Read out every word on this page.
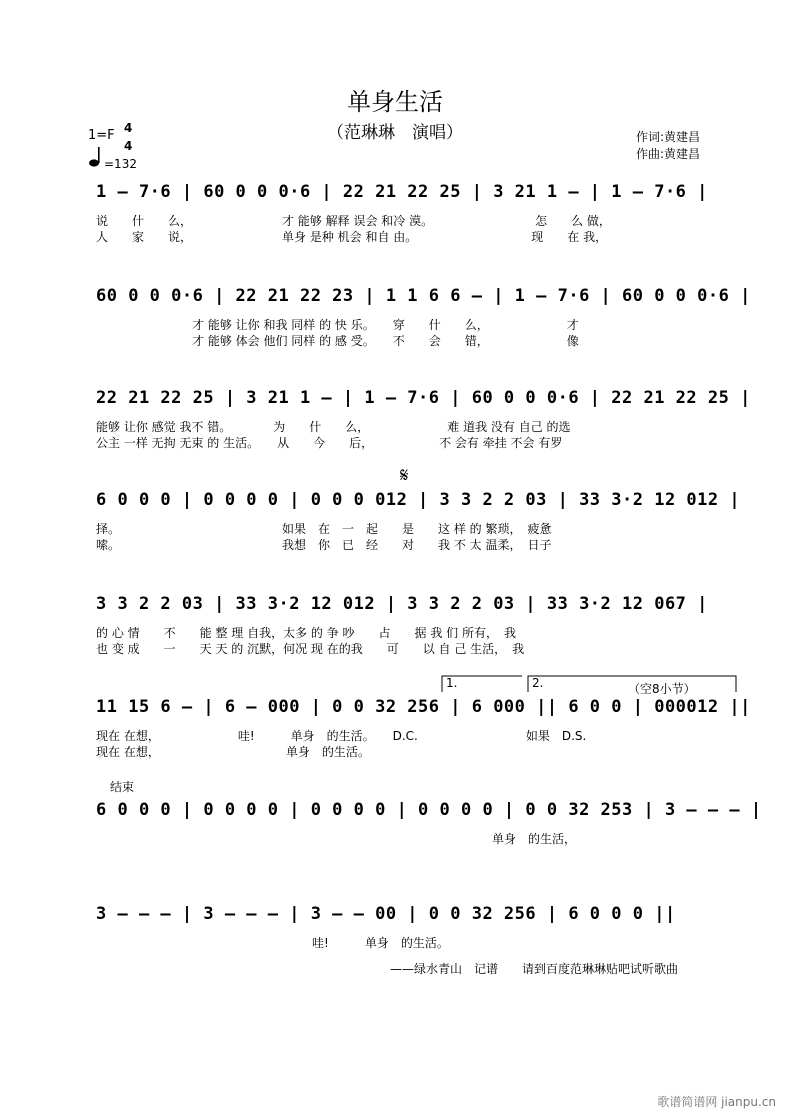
单身生活
（范琳琳　演唱）	作词:黄建昌
作曲:黄建昌
1=F 4
4
=132
1 — 7·6 | 60 0 0 0·6 | 22 21 22 25 | 3 21 1 — | 1 — 7·6 |
说　　什　　么，　　　　　　　　才 能够 解释 误会 和冷 漠。　　　　　　　　　怎　　么 做，
人　　家　　说，　　　　　　　　单身 是种 机会 和自 由。　　　　　　　　　　现　　在 我，
60 0 0 0·6 | 22 21 22 23 | 1 1 6 6 — | 1 — 7·6 | 60 0 0 0·6 |
　　　　　　　　才 能够 让你 和我 同样 的 快 乐。　　穿　　什　　么，　　　　　　　才
　　　　　　　　才 能够 体会 他们 同样 的 感 受。　　不　　会　　错，　　　　　　　像
22 21 22 25 | 3 21 1 — | 1 — 7·6 | 60 0 0 0·6 | 22 21 22 25 |
能够 让你 感觉 我不 错。　　　　为　　什　　么，　　　　　　　难 道我 没有 自己 的选
公主 一样 无拘 无束 的 生活。　　从　　今　　后，　　　　　　不 会有 牵挂 不会 有罗
𝄋
6 0 0 0 | 0 0 0 0 | 0 0 0 012 | 3 3 2 2 03 | 33 3·2 12 012 |
择。　　　　　　　　　　　　　　如果　在　一　起　　是　　这 样 的 繁琐，　疲惫
嗦。　　　　　　　　　　　　　　我想　你　已　经　　对　　我 不 太 温柔，　日子
3 3 2 2 03 | 33 3·2 12 012 | 3 3 2 2 03 | 33 3·2 12 067 |
的 心 情　　不　　能 整 理 自我，太多 的 争 吵　　占　　据 我 们 所有，　我
也 变 成　　一　　天 天 的 沉默，何况 现 在的我　　可　　以 自 己 生活，　我
1.	2.	（空8小节）
11 15 6 — | 6 — 000 | 0 0 32 256 | 6 000 || 6 0 0 | 000012 ||
现在 在想，　　　　　　　哇!　　　单身　的生活。　　D.C.　　　　　　　　　如果　D.S.
现在 在想，　　　　　　　　　　　单身　的生活。
结束
6 0 0 0 | 0 0 0 0 | 0 0 0 0 | 0 0 0 0 | 0 0 32 253 | 3 — — — |
　　　　　　　　　　　　　　　　　　　　　　　　　　　　　　　　　单身　的生活，
3 — — — | 3 — — — | 3 — — 00 | 0 0 32 256 | 6 0 0 0 ||
　　　　　　　　　　　　　　　　　　哇!　　　单身　的生活。
——绿水青山　记谱　　请到百度范琳琳贴吧试听歌曲
歌谱简谱网 jianpu.cn
